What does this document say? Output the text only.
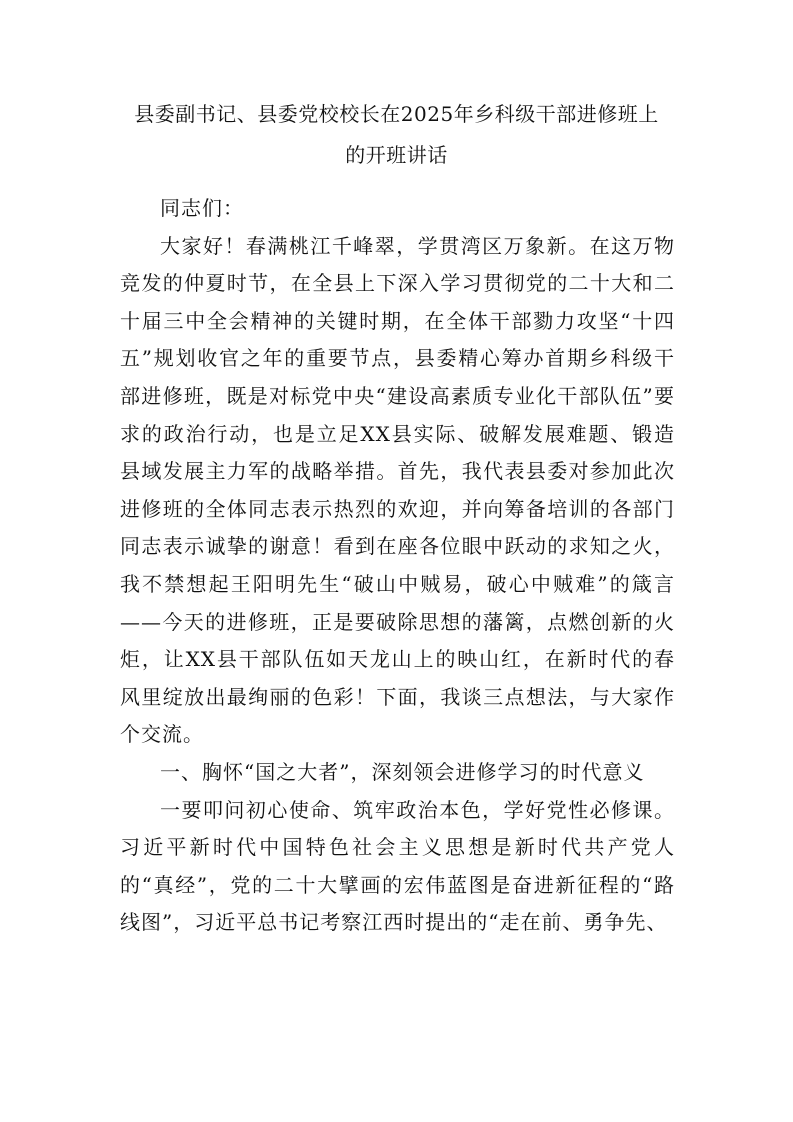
县委副书记、县委党校校长在2025年乡科级干部进修班上
的开班讲话

同志们：

大家好！春满桃江千峰翠，学贯湾区万象新。在这万物竞发的仲夏时节，在全县上下深入学习贯彻党的二十大和二十届三中全会精神的关键时期，在全体干部勠力攻坚“十四五”规划收官之年的重要节点，县委精心筹办首期乡科级干部进修班，既是对标党中央“建设高素质专业化干部队伍”要求的政治行动，也是立足XX县实际、破解发展难题、锻造县域发展主力军的战略举措。首先，我代表县委对参加此次进修班的全体同志表示热烈的欢迎，并向筹备培训的各部门同志表示诚挚的谢意！看到在座各位眼中跃动的求知之火，我不禁想起王阳明先生“破山中贼易，破心中贼难”的箴言——今天的进修班，正是要破除思想的藩篱，点燃创新的火炬，让XX县干部队伍如天龙山上的映山红，在新时代的春风里绽放出最绚丽的色彩！下面，我谈三点想法，与大家作个交流。

一、胸怀“国之大者”，深刻领会进修学习的时代意义

一要叩问初心使命、筑牢政治本色，学好党性必修课。习近平新时代中国特色社会主义思想是新时代共产党人的“真经”，党的二十大擘画的宏伟蓝图是奋进新征程的“路线图”，习近平总书记考察江西时提出的“走在前、勇争先、
